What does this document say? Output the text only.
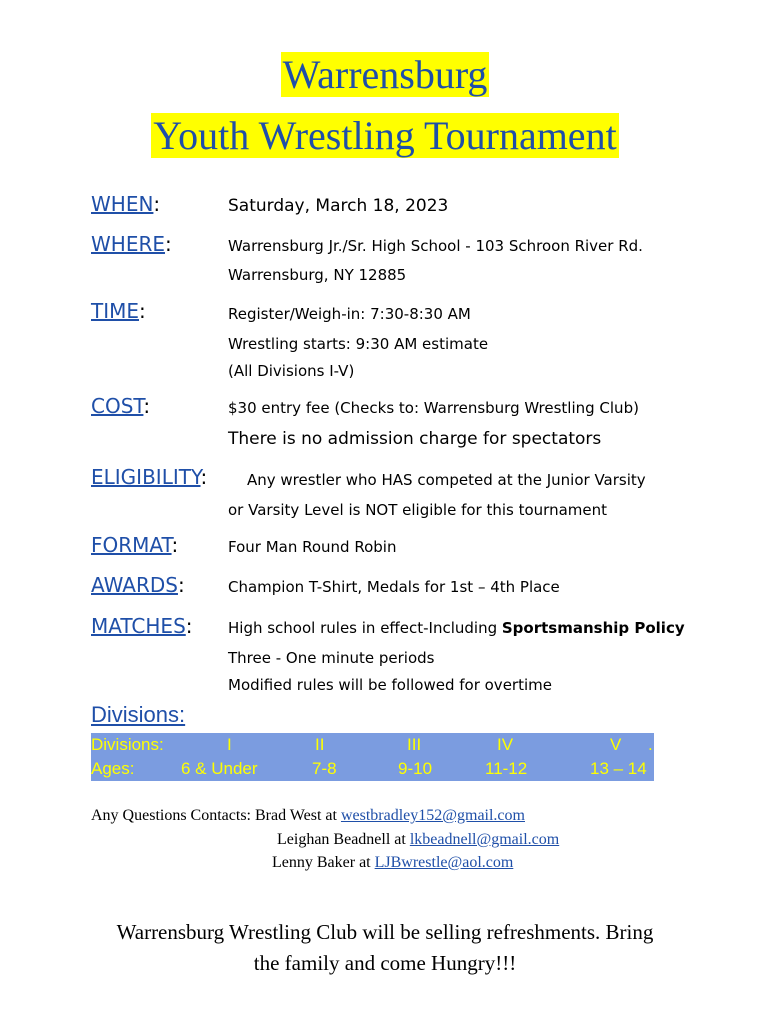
Warrensburg
Youth Wrestling Tournament
WHEN:	Saturday, March 18, 2023
WHERE:	Warrensburg Jr./Sr. High School - 103 Schroon River Rd.
Warrensburg, NY 12885
TIME:	Register/Weigh-in: 7:30-8:30 AM
Wrestling starts: 9:30 AM estimate
(All Divisions I-V)
COST:	$30 entry fee (Checks to: Warrensburg Wrestling Club)
There is no admission charge for spectators
ELIGIBILITY:	Any wrestler who HAS competed at the Junior Varsity
or Varsity Level is NOT eligible for this tournament
FORMAT:	Four Man Round Robin
AWARDS:	Champion T-Shirt, Medals for 1st – 4th Place
MATCHES: High school rules in effect-Including Sportsmanship Policy
Three - One minute periods
Modified rules will be followed for overtime
Divisions:
Divisions:	I	II	III	IV	V .
Ages:	6 & Under	7-8	9-10	11-12	13 – 14
Any Questions Contacts: Brad West at westbradley152@gmail.com
Leighan Beadnell at lkbeadnell@gmail.com
Lenny Baker at LJBwrestle@aol.com
Warrensburg Wrestling Club will be selling refreshments. Bring
the family and come Hungry!!!
